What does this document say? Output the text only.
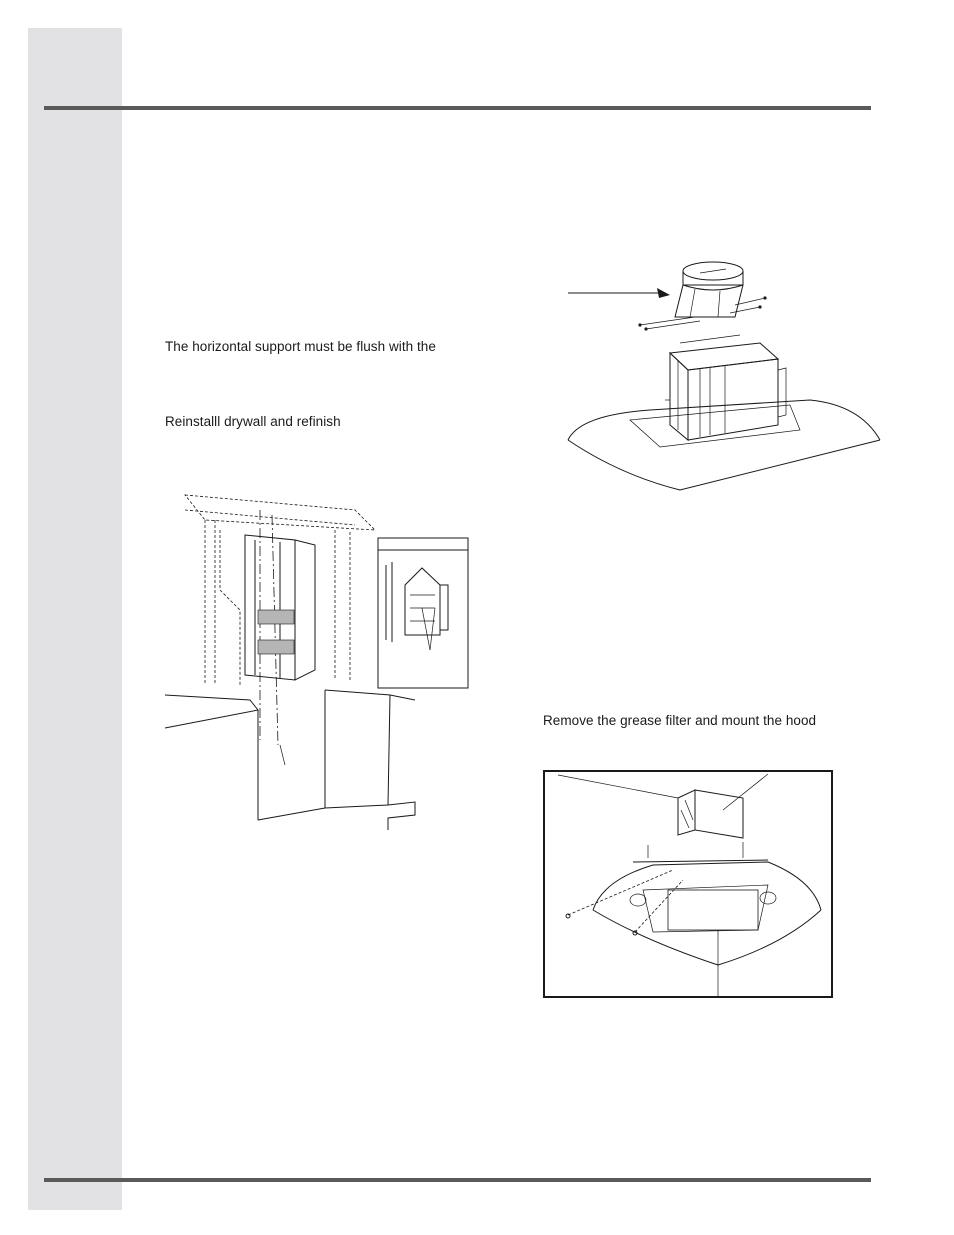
The horizontal support must be flush with the
Reinstalll drywall and refinish
Remove the grease filter and mount the hood
